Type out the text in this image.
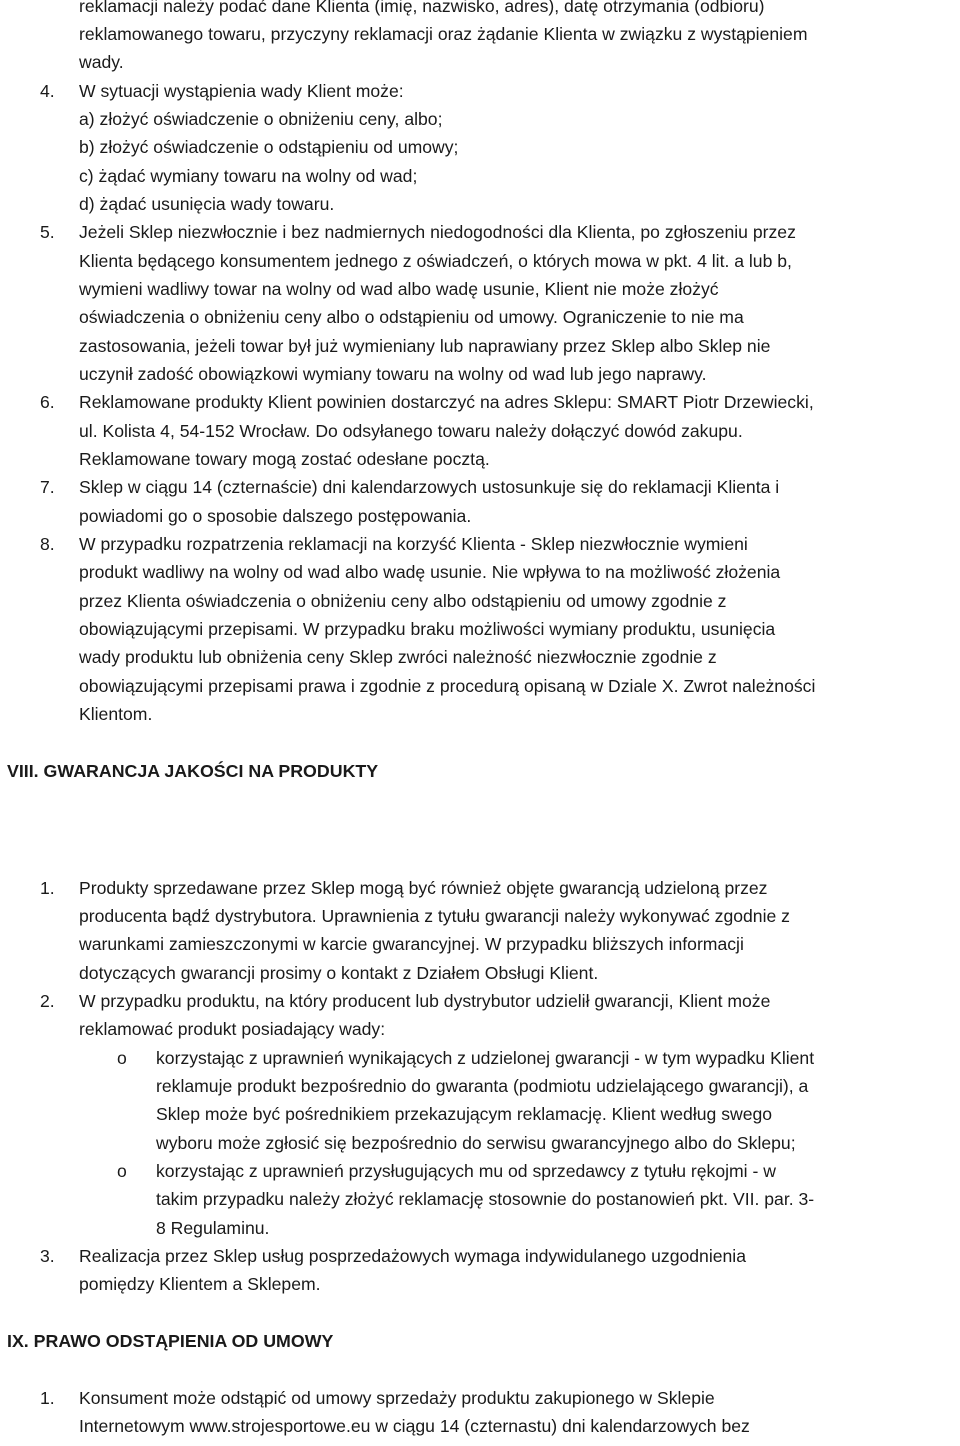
reklamacji należy podać dane Klienta (imię, nazwisko, adres), datę otrzymania (odbioru)
reklamowanego towaru, przyczyny reklamacji oraz żądanie Klienta w związku z wystąpieniem
wady.
4. W sytuacji wystąpienia wady Klient może:
a) złożyć oświadczenie o obniżeniu ceny, albo;
b) złożyć oświadczenie o odstąpieniu od umowy;
c) żądać wymiany towaru na wolny od wad;
d) żądać usunięcia wady towaru.
5. Jeżeli Sklep niezwłocznie i bez nadmiernych niedogodności dla Klienta, po zgłoszeniu przez
Klienta będącego konsumentem jednego z oświadczeń, o których mowa w pkt. 4 lit. a lub b,
wymieni wadliwy towar na wolny od wad albo wadę usunie, Klient nie może złożyć
oświadczenia o obniżeniu ceny albo o odstąpieniu od umowy. Ograniczenie to nie ma
zastosowania, jeżeli towar był już wymieniany lub naprawiany przez Sklep albo Sklep nie
uczynił zadość obowiązkowi wymiany towaru na wolny od wad lub jego naprawy.
6. Reklamowane produkty Klient powinien dostarczyć na adres Sklepu: SMART Piotr Drzewiecki,
ul. Kolista 4, 54-152 Wrocław. Do odsyłanego towaru należy dołączyć dowód zakupu.
Reklamowane towary mogą zostać odesłane pocztą.
7. Sklep w ciągu 14 (czternaście) dni kalendarzowych ustosunkuje się do reklamacji Klienta i
powiadomi go o sposobie dalszego postępowania.
8. W przypadku rozpatrzenia reklamacji na korzyść Klienta - Sklep niezwłocznie wymieni
produkt wadliwy na wolny od wad albo wadę usunie. Nie wpływa to na możliwość złożenia
przez Klienta oświadczenia o obniżeniu ceny albo odstąpieniu od umowy zgodnie z
obowiązującymi przepisami. W przypadku braku możliwości wymiany produktu, usunięcia
wady produktu lub obniżenia ceny Sklep zwróci należność niezwłocznie zgodnie z
obowiązującymi przepisami prawa i zgodnie z procedurą opisaną w Dziale X. Zwrot należności
Klientom.
VIII. GWARANCJA JAKOŚCI NA PRODUKTY
1. Produkty sprzedawane przez Sklep mogą być również objęte gwarancją udzieloną przez
producenta bądź dystrybutora. Uprawnienia z tytułu gwarancji należy wykonywać zgodnie z
warunkami zamieszczonymi w karcie gwarancyjnej. W przypadku bliższych informacji
dotyczących gwarancji prosimy o kontakt z Działem Obsługi Klient.
2. W przypadku produktu, na który producent lub dystrybutor udzielił gwarancji, Klient może
reklamować produkt posiadający wady:
o korzystając z uprawnień wynikających z udzielonej gwarancji - w tym wypadku Klient
reklamuje produkt bezpośrednio do gwaranta (podmiotu udzielającego gwarancji), a
Sklep może być pośrednikiem przekazującym reklamację. Klient według swego
wyboru może zgłosić się bezpośrednio do serwisu gwarancyjnego albo do Sklepu;
o korzystając z uprawnień przysługujących mu od sprzedawcy z tytułu rękojmi - w
takim przypadku należy złożyć reklamację stosownie do postanowień pkt. VII. par. 3-
8 Regulaminu.
3. Realizacja przez Sklep usług posprzedażowych wymaga indywidulanego uzgodnienia
pomiędzy Klientem a Sklepem.
IX. PRAWO ODSTĄPIENIA OD UMOWY
1. Konsument może odstąpić od umowy sprzedaży produktu zakupionego w Sklepie
Internetowym www.strojesportowe.eu w ciągu 14 (czternastu) dni kalendarzowych bez
